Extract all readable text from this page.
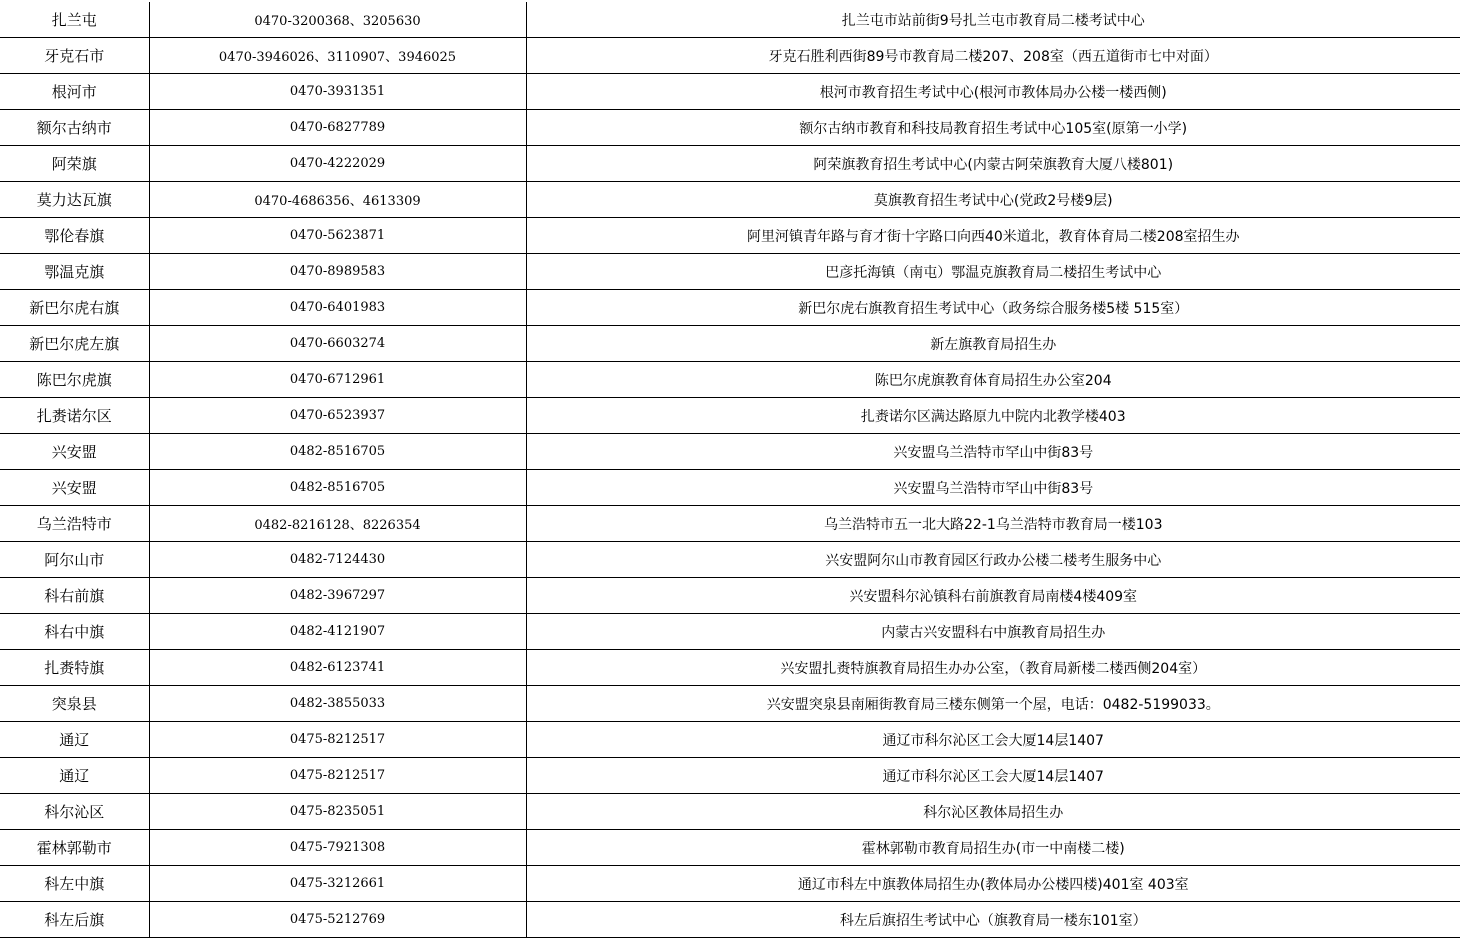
扎兰屯	0470-3200368、3205630	扎兰屯市站前街9号扎兰屯市教育局二楼考试中心
牙克石市	0470-3946026、3110907、3946025	牙克石胜利西街89号市教育局二楼207、208室（西五道街市七中对面）
根河市	0470-3931351	根河市教育招生考试中心(根河市教体局办公楼一楼西侧)
额尔古纳市	0470-6827789	额尔古纳市教育和科技局教育招生考试中心105室(原第一小学)
阿荣旗	0470-4222029	阿荣旗教育招生考试中心(内蒙古阿荣旗教育大厦八楼801)
莫力达瓦旗	0470-4686356、4613309	莫旗教育招生考试中心(党政2号楼9层)
鄂伦春旗	0470-5623871	阿里河镇青年路与育才街十字路口向西40米道北，教育体育局二楼208室招生办
鄂温克旗	0470-8989583	巴彦托海镇（南屯）鄂温克旗教育局二楼招生考试中心
新巴尔虎右旗	0470-6401983	新巴尔虎右旗教育招生考试中心（政务综合服务楼5楼 515室）
新巴尔虎左旗	0470-6603274	新左旗教育局招生办
陈巴尔虎旗	0470-6712961	陈巴尔虎旗教育体育局招生办公室204
扎赉诺尔区	0470-6523937	扎赉诺尔区满达路原九中院内北教学楼403
兴安盟	0482-8516705	兴安盟乌兰浩特市罕山中街83号
兴安盟	0482-8516705	兴安盟乌兰浩特市罕山中街83号
乌兰浩特市	0482-8216128、8226354	乌兰浩特市五一北大路22-1乌兰浩特市教育局一楼103
阿尔山市	0482-7124430	兴安盟阿尔山市教育园区行政办公楼二楼考生服务中心
科右前旗	0482-3967297	兴安盟科尔沁镇科右前旗教育局南楼4楼409室
科右中旗	0482-4121907	内蒙古兴安盟科右中旗教育局招生办
扎赉特旗	0482-6123741	兴安盟扎赉特旗教育局招生办办公室，（教育局新楼二楼西侧204室）
突泉县	0482-3855033	兴安盟突泉县南厢街教育局三楼东侧第一个屋，电话：0482-5199033。
通辽	0475-8212517	通辽市科尔沁区工会大厦14层1407
通辽	0475-8212517	通辽市科尔沁区工会大厦14层1407
科尔沁区	0475-8235051	科尔沁区教体局招生办
霍林郭勒市	0475-7921308	霍林郭勒市教育局招生办(市一中南楼二楼)
科左中旗	0475-3212661	通辽市科左中旗教体局招生办(教体局办公楼四楼)401室 403室
科左后旗	0475-5212769	科左后旗招生考试中心（旗教育局一楼东101室）
